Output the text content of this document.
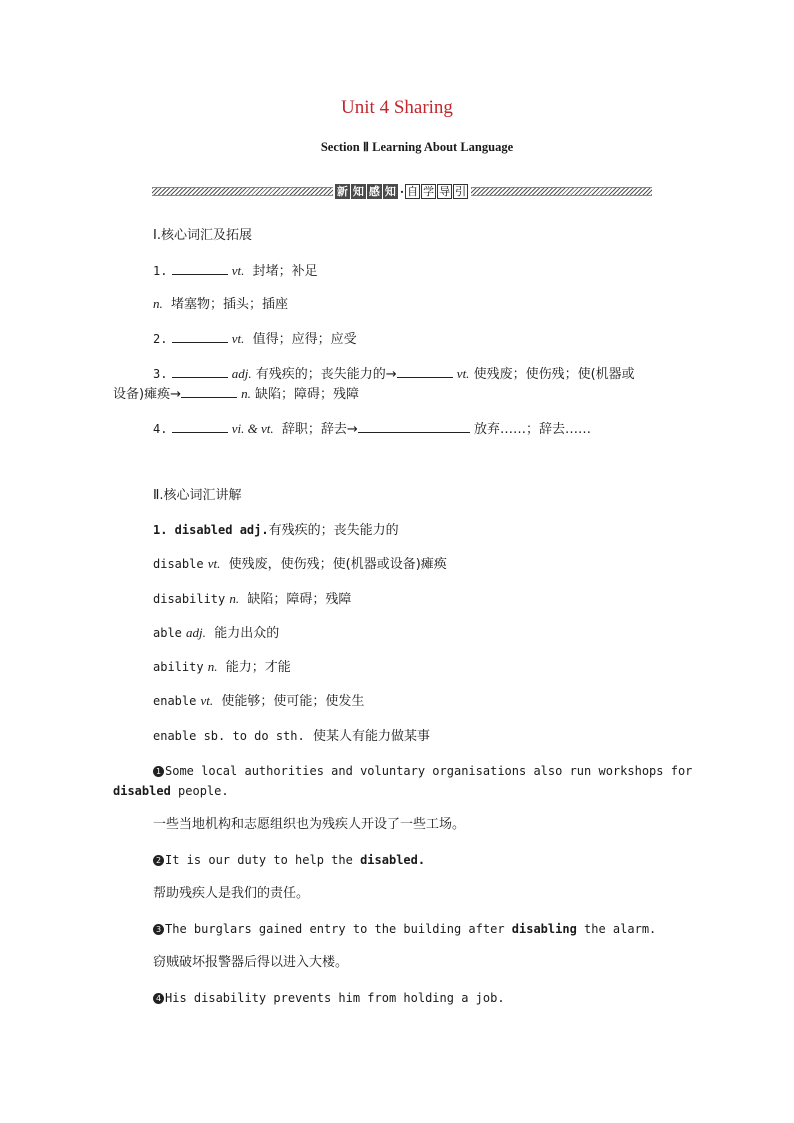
Unit 4 Sharing
Section Ⅱ Learning About Language
新 知 感 知 · 自 学 导 引
Ⅰ.核心词汇及拓展
1.	vt. 封堵；补足
n. 堵塞物；插头；插座
2.	vt. 值得；应得；应受
3.	adj. 有残疾的；丧失能力的→	vt. 使残废；使伤残；使(机器或
设备)瘫痪→	n. 缺陷；障碍；残障
4.	vi. & vt. 辞职；辞去→	放弃……；辞去……
Ⅱ.核心词汇讲解
1. disabled adj.有残疾的；丧失能力的
disable vt. 使残废，使伤残；使(机器或设备)瘫痪
disability n. 缺陷；障碍；残障
able adj. 能力出众的
ability n. 能力；才能
enable vt. 使能够；使可能；使发生
enable sb. to do sth. 使某人有能力做某事
1 Some local authorities and voluntary organisations also run workshops for
disabled people.
一些当地机构和志愿组织也为残疾人开设了一些工场。
2 It is our duty to help the disabled.
帮助残疾人是我们的责任。
3 The burglars gained entry to the building after disabling the alarm.
窃贼破坏报警器后得以进入大楼。
4 His disability prevents him from holding a job.
